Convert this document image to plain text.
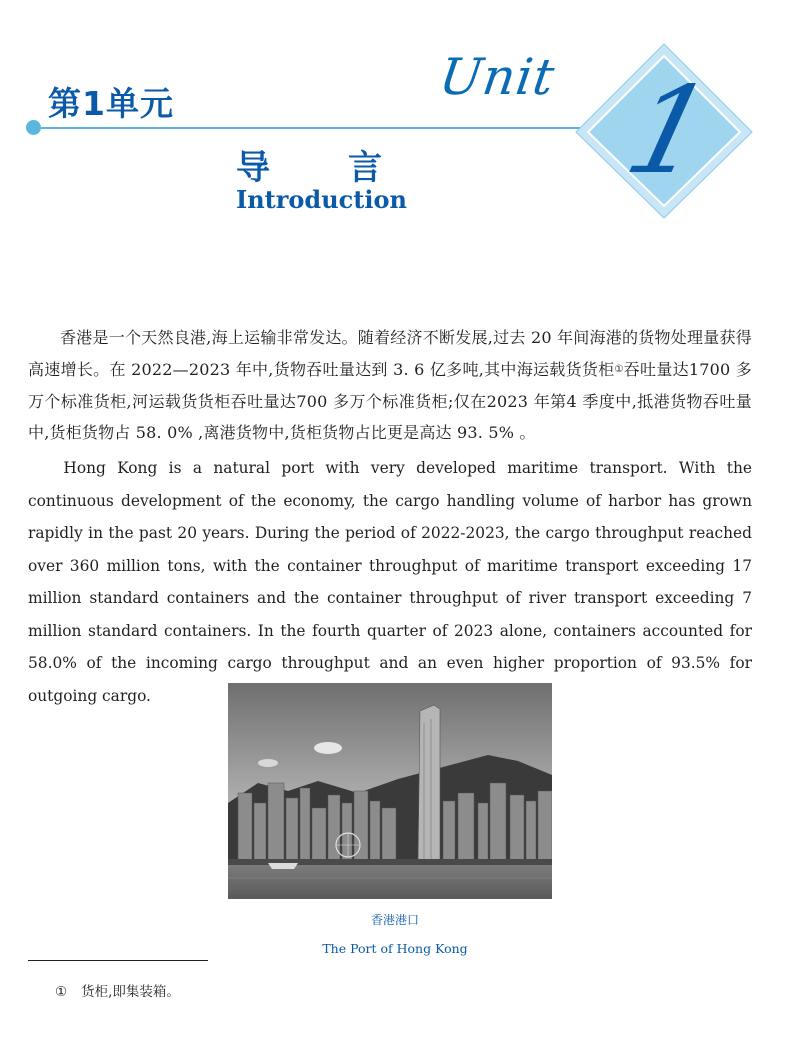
第1单元	Unit 1
导言
Introduction

香港是一个天然良港,海上运输非常发达。随着经济不断发展,过去 20 年间海港的货物处理量获得高速增长。在 2022—2023 年中,货物吞吐量达到 3. 6 亿多吨,其中海运载货货柜①吞吐量达1700 多万个标准货柜,河运载货货柜吞吐量达700 多万个标准货柜;仅在2023 年第4 季度中,抵港货物吞吐量中,货柜货物占 58. 0% ,离港货物中,货柜货物占比更是高达 93. 5% 。

Hong Kong is a natural port with very developed maritime transport. With the continuous development of the economy, the cargo handling volume of harbor has grown rapidly in the past 20 years. During the period of 2022-2023, the cargo throughput reached over 360 million tons, with the container throughput of maritime transport exceeding 17 million standard containers and the container throughput of river transport exceeding 7 million standard containers. In the fourth quarter of 2023 alone, containers accounted for 58.0% of the incoming cargo throughput and an even higher proportion of 93.5% for outgoing cargo.

香港港口
The Port of Hong Kong
① 货柜,即集装箱。
